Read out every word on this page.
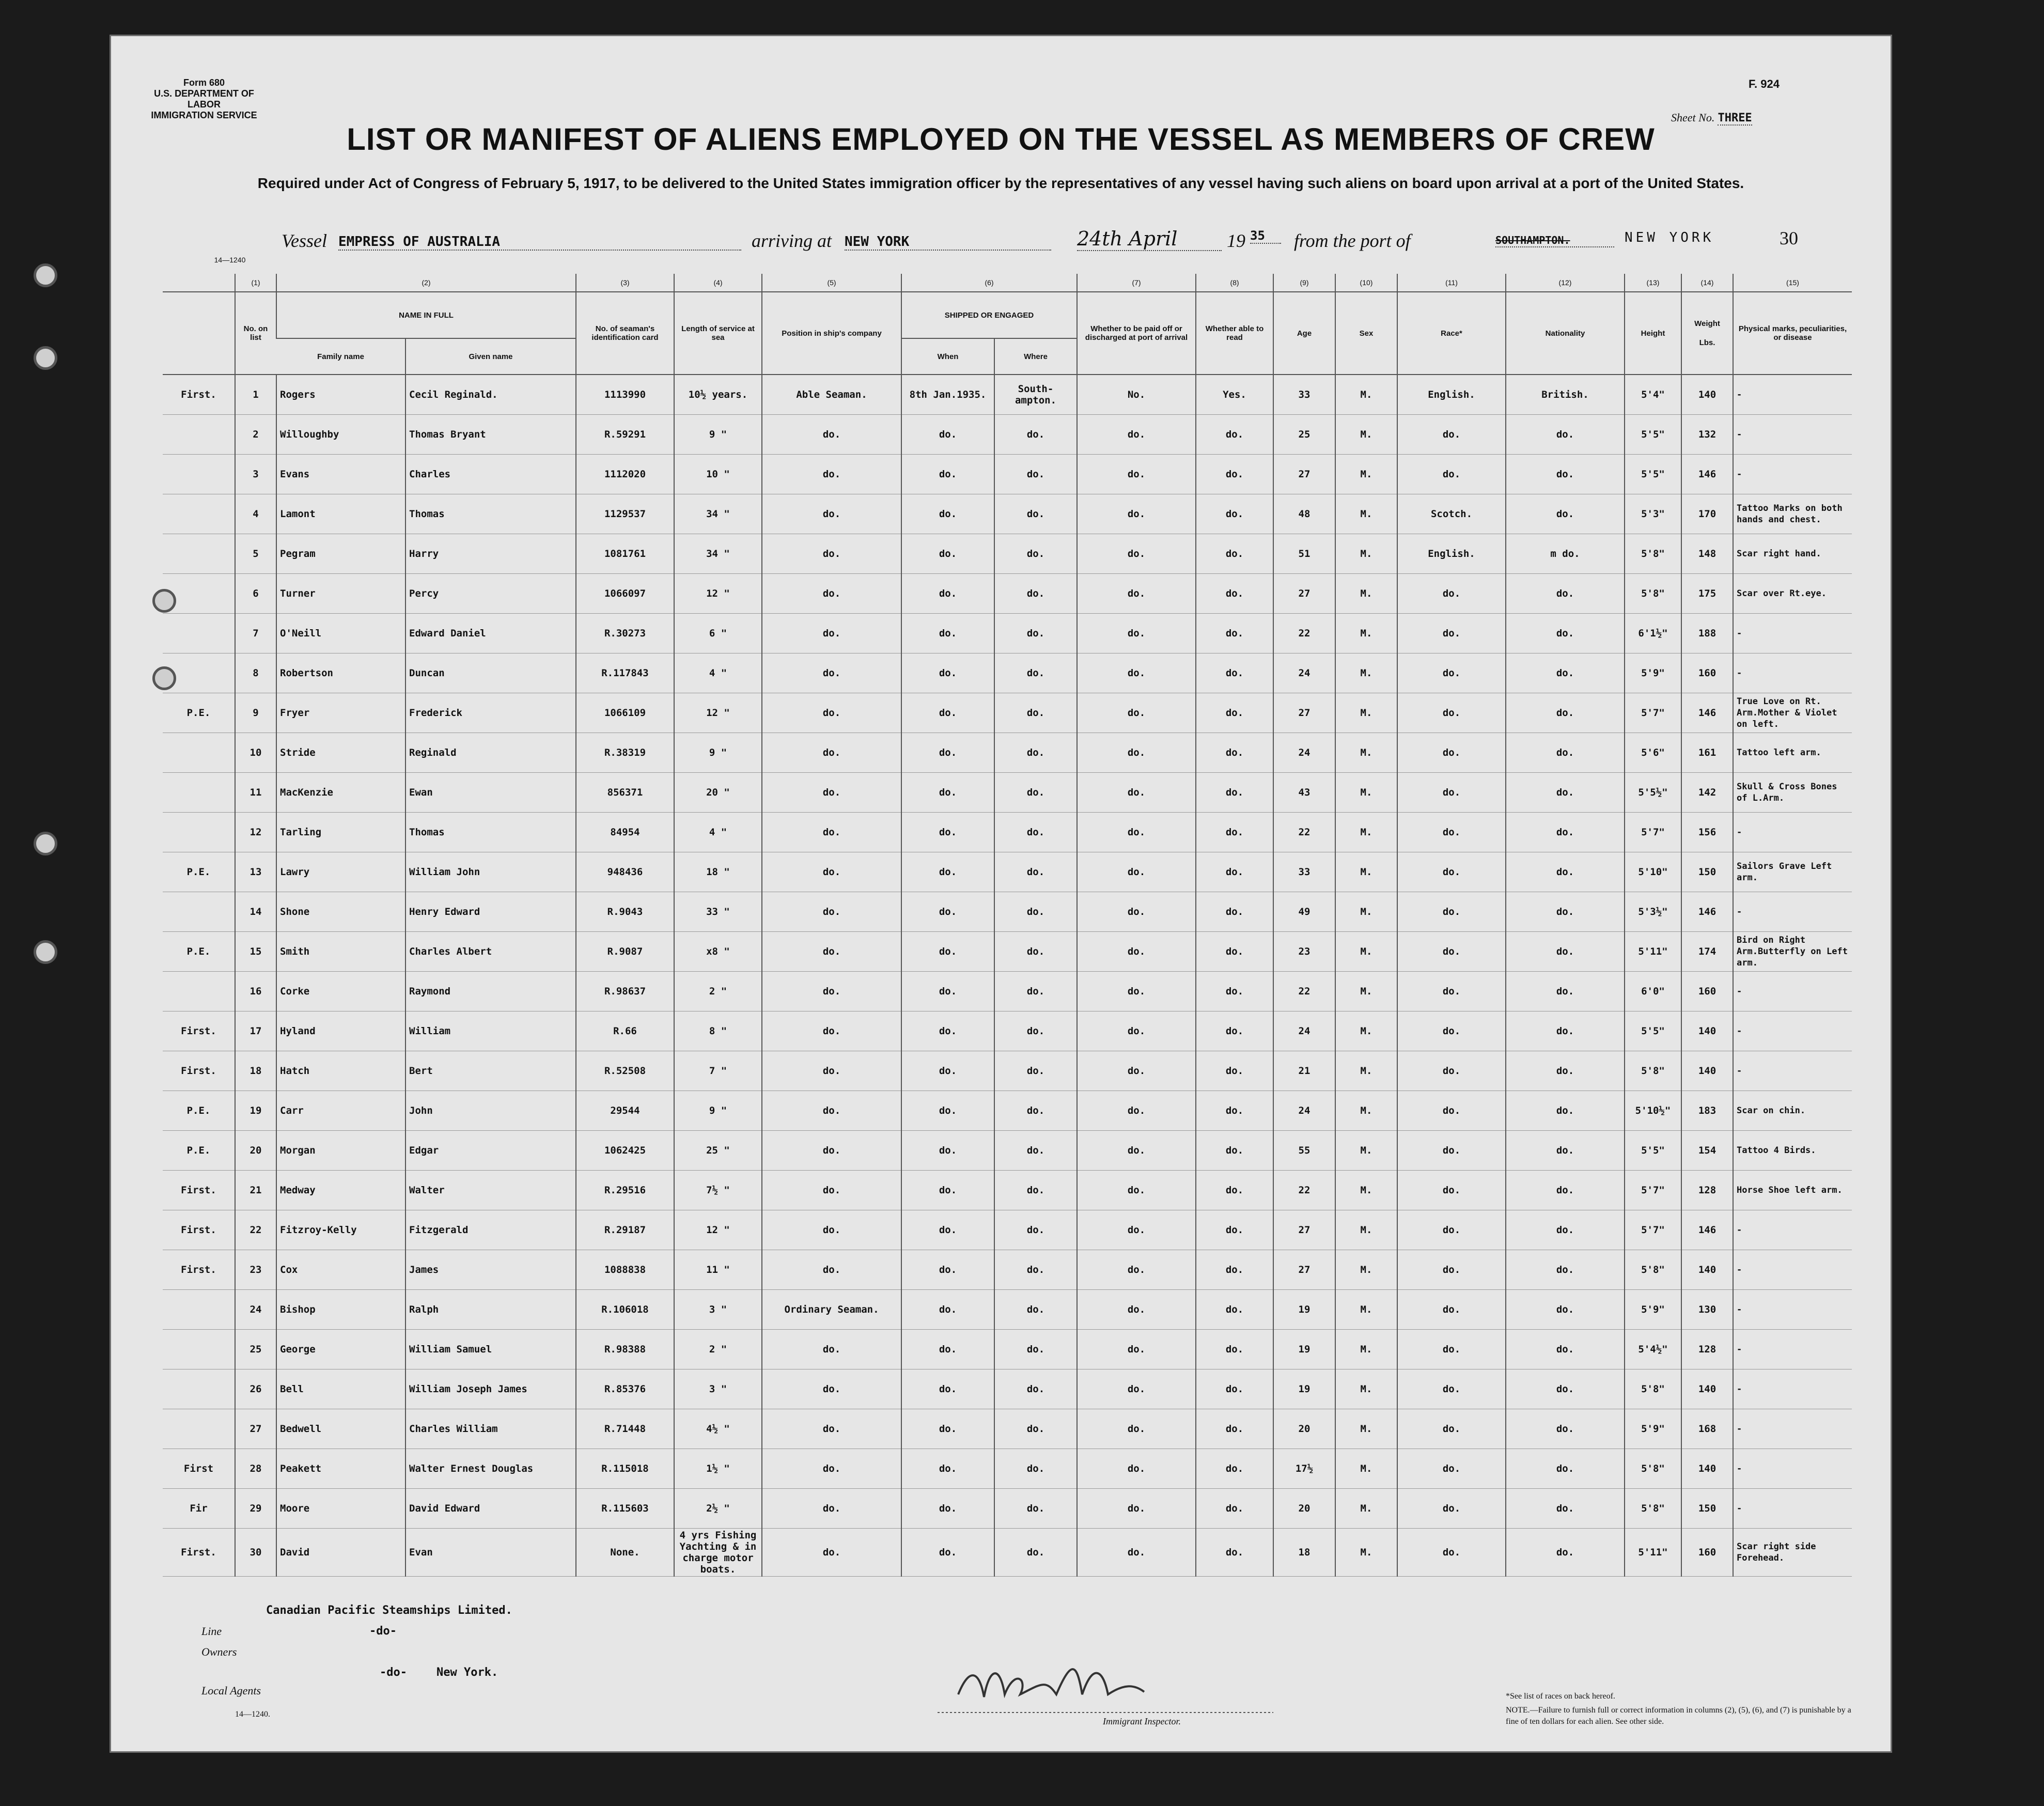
Form 680
U.S. DEPARTMENT OF LABOR
IMMIGRATION SERVICE
F. 924
Sheet No. THREE
14—1240
LIST OR MANIFEST OF ALIENS EMPLOYED ON THE VESSEL AS MEMBERS OF CREW
Required under Act of Congress of February 5, 1917, to be delivered to the United States immigration officer by the representatives of any vessel having such aliens on board upon arrival at a port of the United States.
Vessel EMPRESS OF AUSTRALIA	arriving at NEW YORK	24th April	19 35	from the port of	SOUTHAMPTON.	NEW YORK	30
	(1)	(2)		(3)	(4)	(5)	(6)		(7)	(8)	(9)	(10)	(11)	(12)	(13)	(14)	(15)
	No. on list	NAME IN FULL		No. of seaman's identification card	Length of service at sea	Position in ship's company	SHIPPED OR ENGAGED		Whether to be paid off or discharged at port of arrival	Whether able to read	Age	Sex	Race*	Nationality	Height	Weight
Lbs.	Physical marks, peculiarities, or disease
		Family name	Given name				When	Where									
First.	1	Rogers	Cecil Reginald.	1113990	10½ years.	Able Seaman.	8th Jan.1935.	South-ampton.	No.	Yes.	33	M.	English.	British.	5'4"	140	-
	2	Willoughby	Thomas Bryant	R.59291	9 "	do.	do.	do.	do.	do.	25	M.	do.	do.	5'5"	132	-
	3	Evans	Charles	1112020	10 "	do.	do.	do.	do.	do.	27	M.	do.	do.	5'5"	146	-
	4	Lamont	Thomas	1129537	34 "	do.	do.	do.	do.	do.	48	M.	Scotch.	do.	5'3"	170	Tattoo Marks on both hands and chest.
	5	Pegram	Harry	1081761	34 "	do.	do.	do.	do.	do.	51	M.	English.	m do.	5'8"	148	Scar right hand.
	6	Turner	Percy	1066097	12 "	do.	do.	do.	do.	do.	27	M.	do.	do.	5'8"	175	Scar over Rt.eye.
	7	O'Neill	Edward Daniel	R.30273	6 "	do.	do.	do.	do.	do.	22	M.	do.	do.	6'1½"	188	-
	8	Robertson	Duncan	R.117843	4 "	do.	do.	do.	do.	do.	24	M.	do.	do.	5'9"	160	-
P.E.	9	Fryer	Frederick	1066109	12 "	do.	do.	do.	do.	do.	27	M.	do.	do.	5'7"	146	True Love on Rt. Arm.Mother & Violet on left.
	10	Stride	Reginald	R.38319	9 "	do.	do.	do.	do.	do.	24	M.	do.	do.	5'6"	161	Tattoo left arm.
	11	MacKenzie	Ewan	856371	20 "	do.	do.	do.	do.	do.	43	M.	do.	do.	5'5½"	142	Skull & Cross Bones of L.Arm.
	12	Tarling	Thomas	84954	4 "	do.	do.	do.	do.	do.	22	M.	do.	do.	5'7"	156	-
P.E.	13	Lawry	William John	948436	18 "	do.	do.	do.	do.	do.	33	M.	do.	do.	5'10"	150	Sailors Grave Left arm.
	14	Shone	Henry Edward	R.9043	33 "	do.	do.	do.	do.	do.	49	M.	do.	do.	5'3½"	146	-
P.E.	15	Smith	Charles Albert	R.9087	x8 "	do.	do.	do.	do.	do.	23	M.	do.	do.	5'11"	174	Bird on Right Arm.Butterfly on Left arm.
	16	Corke	Raymond	R.98637	2 "	do.	do.	do.	do.	do.	22	M.	do.	do.	6'0"	160	-
First.	17	Hyland	William	R.66	8 "	do.	do.	do.	do.	do.	24	M.	do.	do.	5'5"	140	-
First.	18	Hatch	Bert	R.52508	7 "	do.	do.	do.	do.	do.	21	M.	do.	do.	5'8"	140	-
P.E.	19	Carr	John	29544	9 "	do.	do.	do.	do.	do.	24	M.	do.	do.	5'10½"	183	Scar on chin.
P.E.	20	Morgan	Edgar	1062425	25 "	do.	do.	do.	do.	do.	55	M.	do.	do.	5'5"	154	Tattoo 4 Birds.
First.	21	Medway	Walter	R.29516	7½ "	do.	do.	do.	do.	do.	22	M.	do.	do.	5'7"	128	Horse Shoe left arm.
First.	22	Fitzroy-Kelly	Fitzgerald	R.29187	12 "	do.	do.	do.	do.	do.	27	M.	do.	do.	5'7"	146	-
First.	23	Cox	James	1088838	11 "	do.	do.	do.	do.	do.	27	M.	do.	do.	5'8"	140	-
	24	Bishop	Ralph	R.106018	3 "	Ordinary Seaman.	do.	do.	do.	do.	19	M.	do.	do.	5'9"	130	-
	25	George	William Samuel	R.98388	2 "	do.	do.	do.	do.	do.	19	M.	do.	do.	5'4½"	128	-
	26	Bell	William Joseph James	R.85376	3 "	do.	do.	do.	do.	do.	19	M.	do.	do.	5'8"	140	-
	27	Bedwell	Charles William	R.71448	4½ "	do.	do.	do.	do.	do.	20	M.	do.	do.	5'9"	168	-
First	28	Peakett	Walter Ernest Douglas	R.115018	1½ "	do.	do.	do.	do.	do.	17½	M.	do.	do.	5'8"	140	-
Fir	29	Moore	David Edward	R.115603	2½ "	do.	do.	do.	do.	do.	20	M.	do.	do.	5'8"	150	-
First.	30	David	Evan	None.	4 yrs Fishing Yachting & in charge motor boats.	do.	do.	do.	do.	do.	18	M.	do.	do.	5'11"	160	Scar right side Forehead.
Canadian Pacific Steamships Limited.
Line	-do-
Owners
-do-	New York.
Local Agents
14—1240.
Immigrant Inspector.
*See list of races on back hereof.
NOTE.—Failure to furnish full or correct information in columns (2), (5), (6), and (7) is punishable by a fine of ten dollars for each alien. See other side.
